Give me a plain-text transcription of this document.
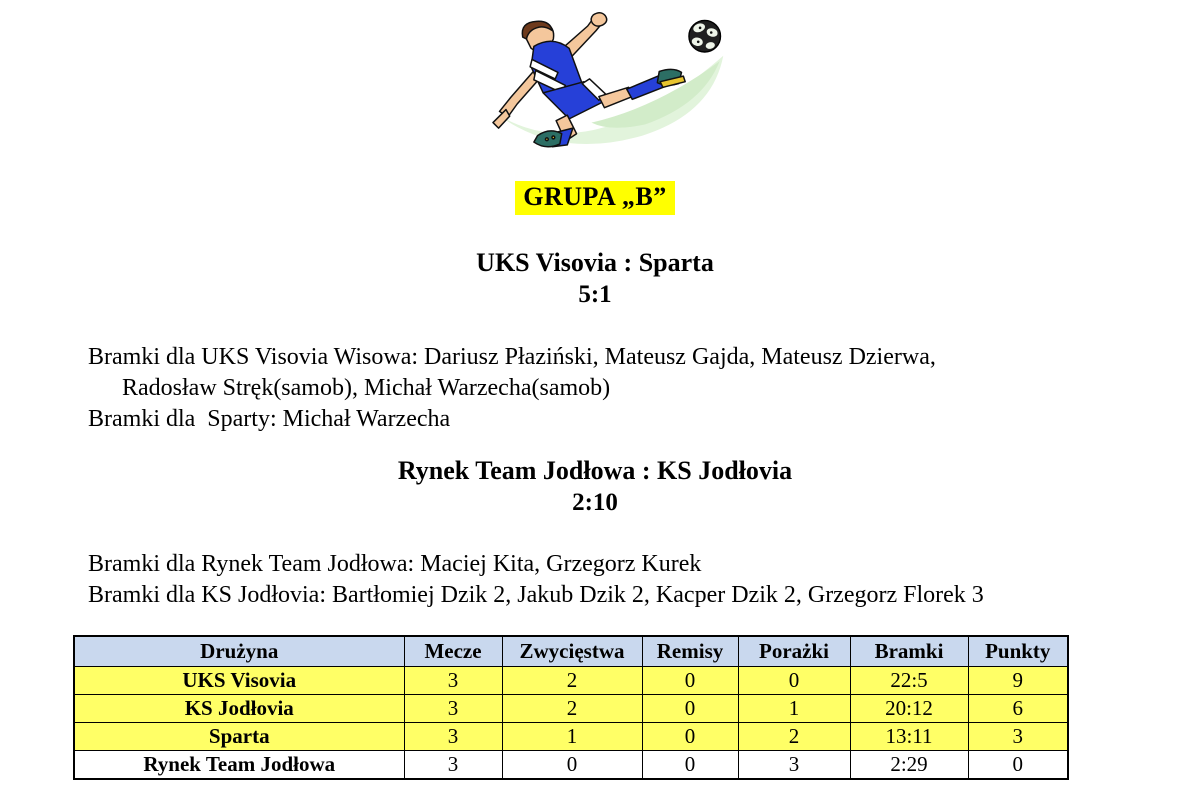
GRUPA „B”
UKS Visovia : Sparta
5:1
Bramki dla UKS Visovia Wisowa: Dariusz Płaziński, Mateusz Gajda, Mateusz Dzierwa,
Radosław Stręk(samob), Michał Warzecha(samob)
Bramki dla  Sparty: Michał Warzecha
Rynek Team Jodłowa : KS Jodłovia
2:10
Bramki dla Rynek Team Jodłowa: Maciej Kita, Grzegorz Kurek
Bramki dla KS Jodłovia: Bartłomiej Dzik 2, Jakub Dzik 2, Kacper Dzik 2, Grzegorz Florek 3
Drużyna	Mecze	Zwycięstwa	Remisy	Porażki	Bramki	Punkty
UKS Visovia	3	2	0	0	22:5	9
KS Jodłovia	3	2	0	1	20:12	6
Sparta	3	1	0	2	13:11	3
Rynek Team Jodłowa	3	0	0	3	2:29	0
